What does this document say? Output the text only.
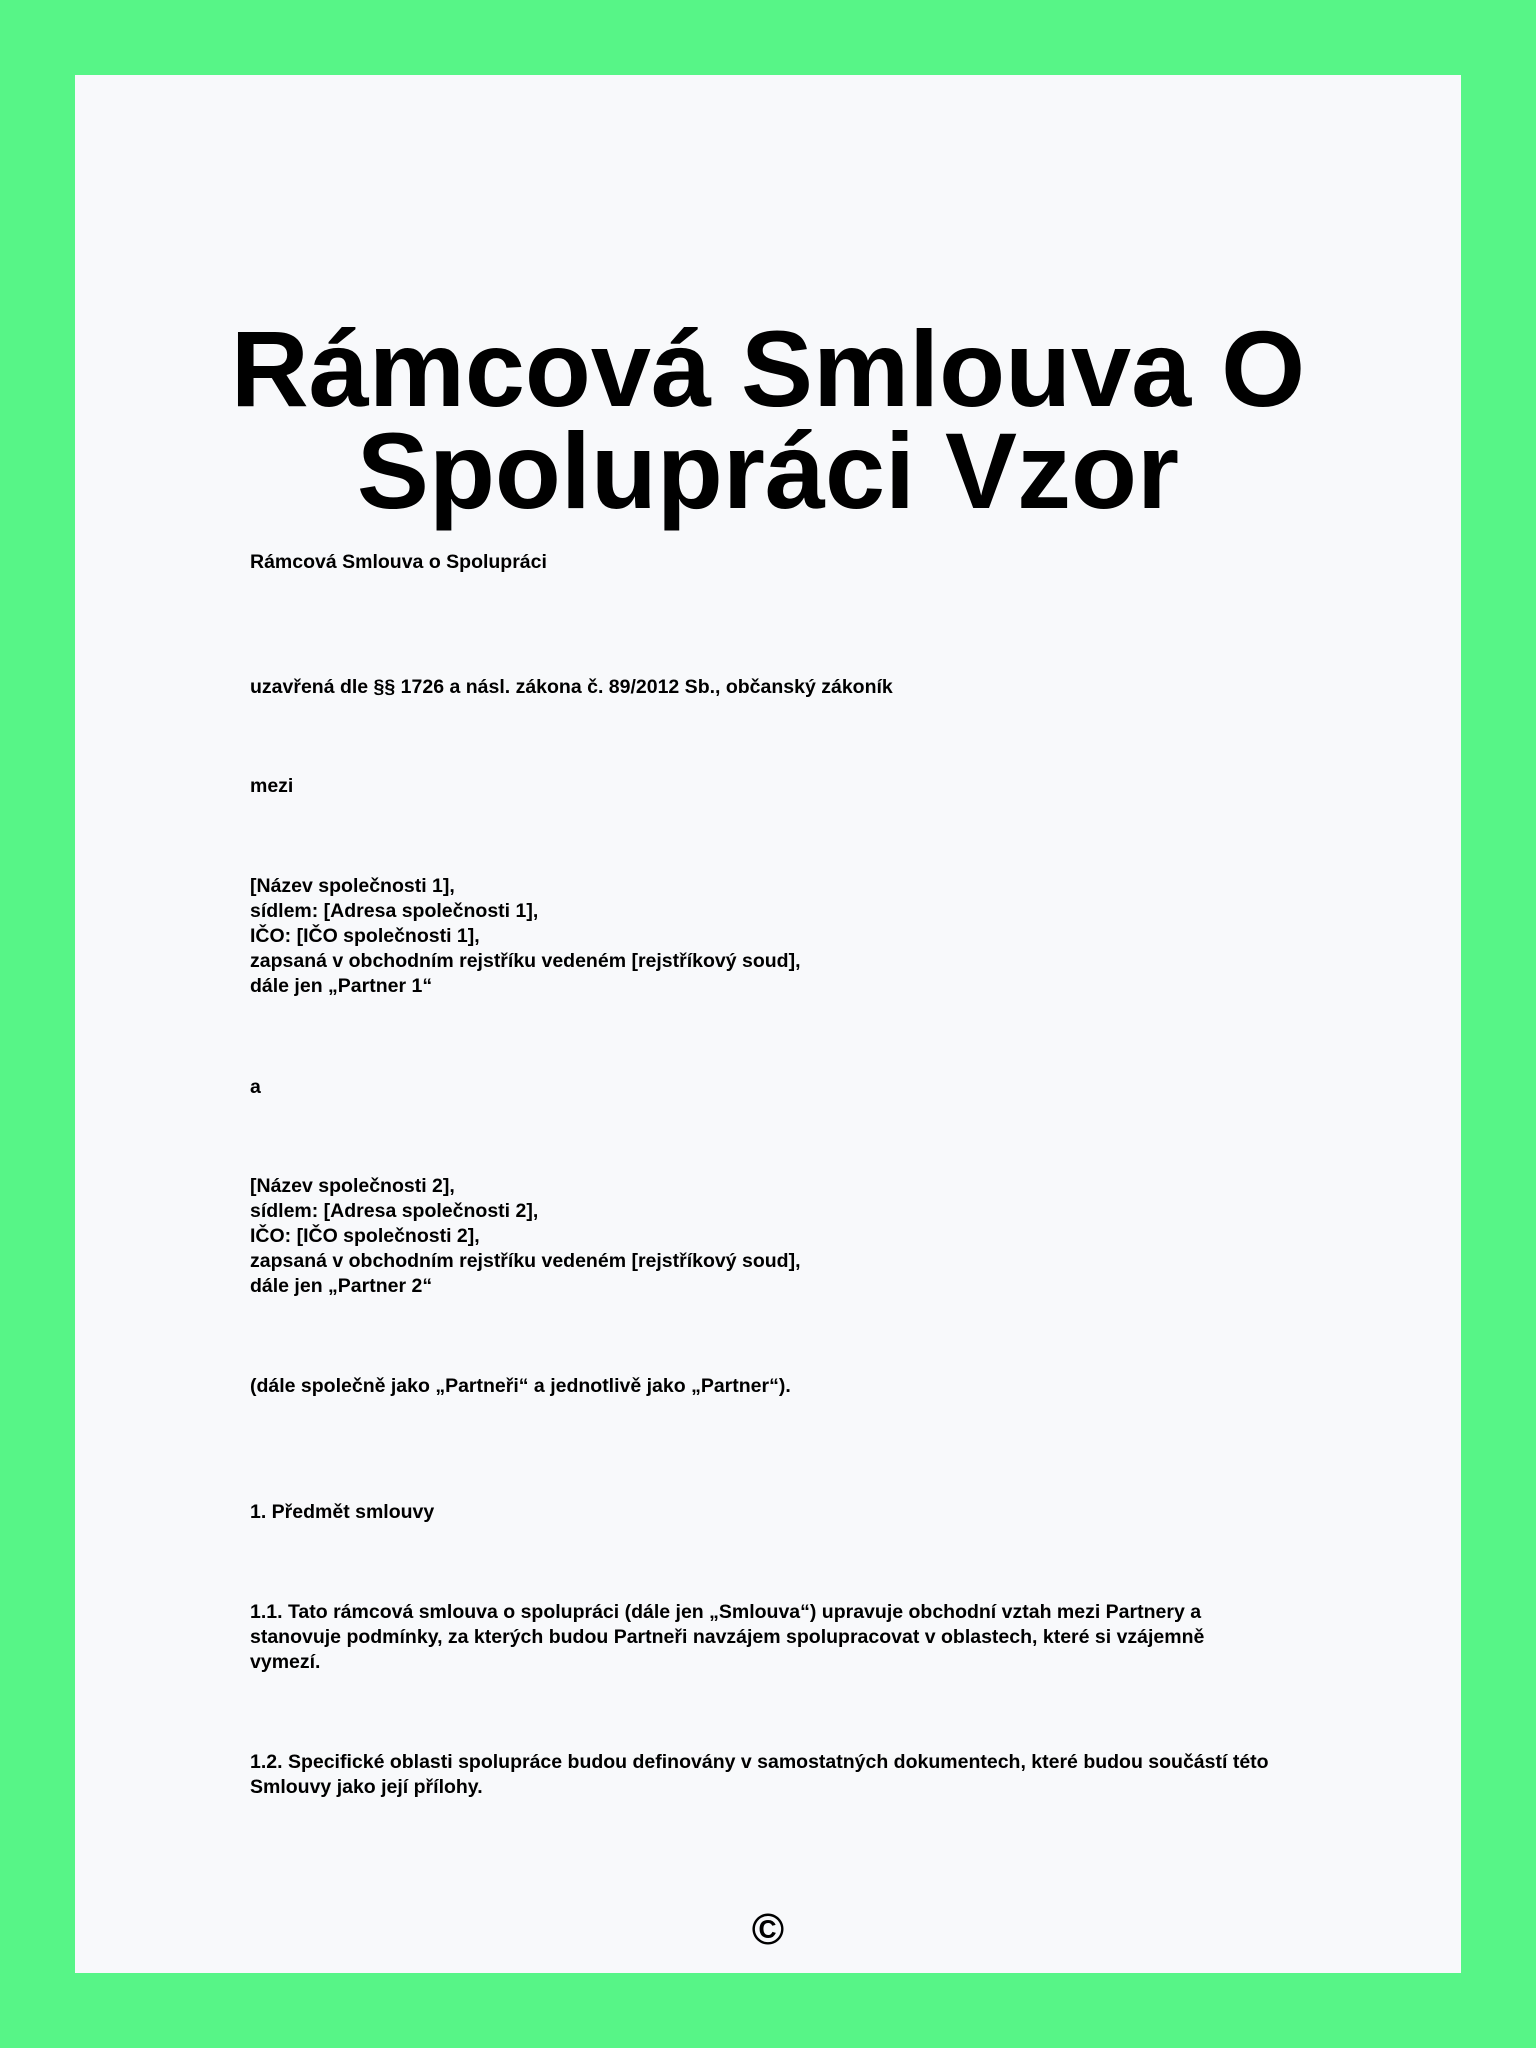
Rámcová Smlouva O Spolupráci Vzor

Rámcová Smlouva o Spolupráci

uzavřená dle §§ 1726 a násl. zákona č. 89/2012 Sb., občanský zákoník

mezi

[Název společnosti 1],
sídlem: [Adresa společnosti 1],
IČO: [IČO společnosti 1],
zapsaná v obchodním rejstříku vedeném [rejstříkový soud],
dále jen „Partner 1“

a

[Název společnosti 2],
sídlem: [Adresa společnosti 2],
IČO: [IČO společnosti 2],
zapsaná v obchodním rejstříku vedeném [rejstříkový soud],
dále jen „Partner 2“

(dále společně jako „Partneři“ a jednotlivě jako „Partner“).

1. Předmět smlouvy

1.1. Tato rámcová smlouva o spolupráci (dále jen „Smlouva“) upravuje obchodní vztah mezi Partnery a stanovuje podmínky, za kterých budou Partneři navzájem spolupracovat v oblastech, které si vzájemně vymezí.

1.2. Specifické oblasti spolupráce budou definovány v samostatných dokumentech, které budou součástí této Smlouvy jako její přílohy.

©
